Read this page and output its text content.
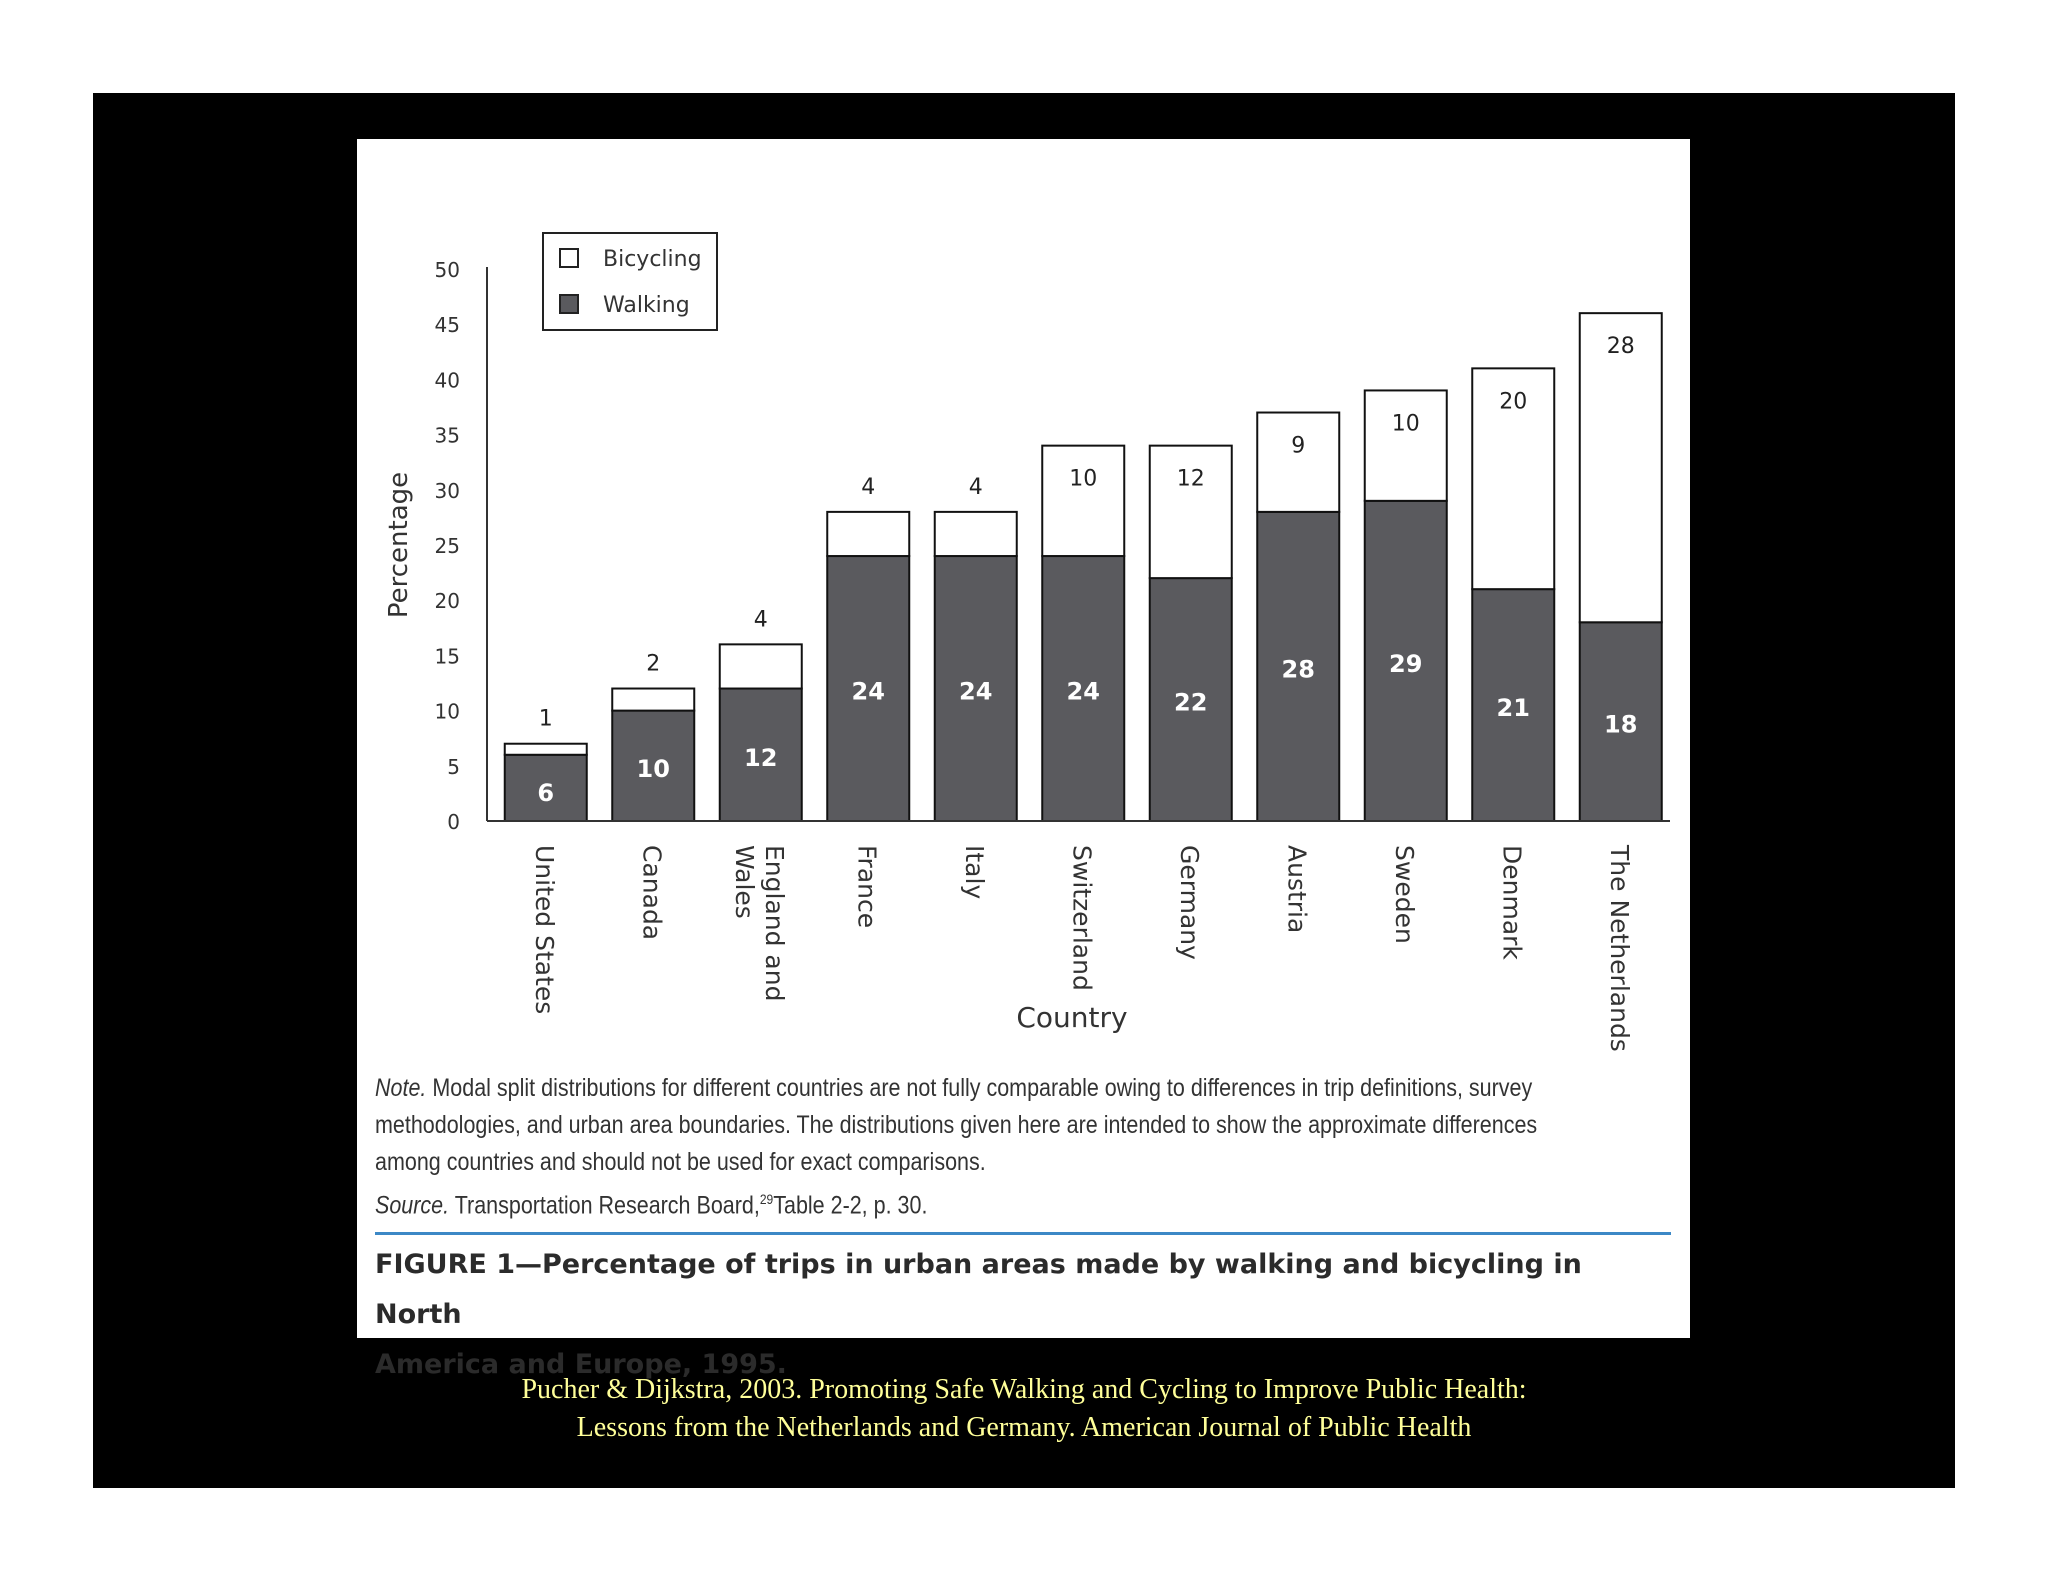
6
1
United States
10
2
Canada
12
4
England andWales
24
4
France
24
4
Italy
24
10
Switzerland
22
12
Germany
28
9
Austria
29
10
Sweden
21
20
Denmark
18
28
The Netherlands
0
5
10
15
20
25
30
35
40
45
50
Percentage
Country
Bicycling
Walking
Note. Modal split distributions for different countries are not fully comparable owing to differences in trip definitions, survey
methodologies, and urban area boundaries. The distributions given here are intended to show the approximate differences
among countries and should not be used for exact comparisons.
Source. Transportation Research Board,$^{29}$Table 2-2, p. 30.
FIGURE 1—Percentage of trips in urban areas made by walking and bicycling in North
America and Europe, 1995.
Pucher & Dijkstra, 2003. Promoting Safe Walking and Cycling to Improve Public Health:
Lessons from the Netherlands and Germany. American Journal of Public Health
